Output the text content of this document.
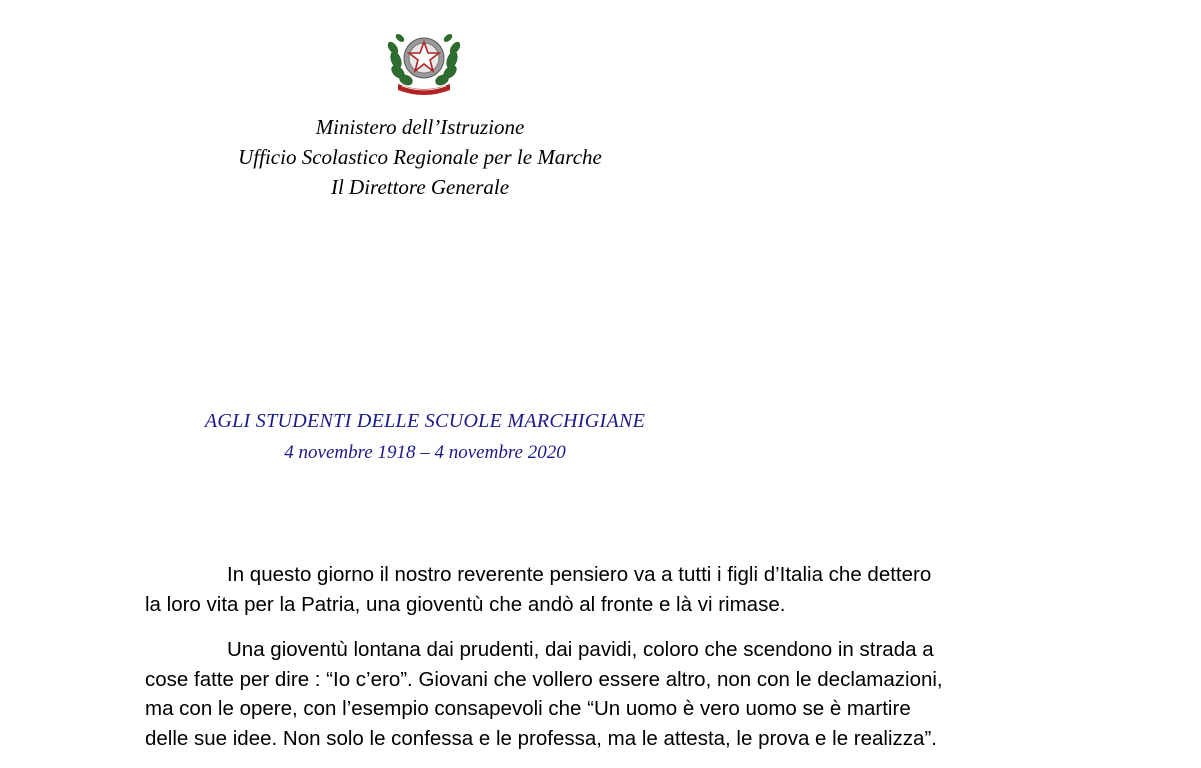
Ministero dell’Istruzione
Ufficio Scolastico Regionale per le Marche
Il Direttore Generale
AGLI STUDENTI DELLE SCUOLE MARCHIGIANE
4 novembre 1918 – 4 novembre 2020
In questo giorno il nostro reverente pensiero va a tutti i figli d’Italia che dettero
la loro vita per la Patria, una gioventù che andò al fronte e là vi rimase.
Una gioventù lontana dai prudenti, dai pavidi, coloro che scendono in strada a
cose fatte per dire : “Io c’ero”. Giovani che vollero essere altro, non con le declamazioni,
ma con le opere, con l’esempio consapevoli che “Un uomo è vero uomo se è martire
delle sue idee. Non solo le confessa e le professa, ma le attesta, le prova e le realizza”.
